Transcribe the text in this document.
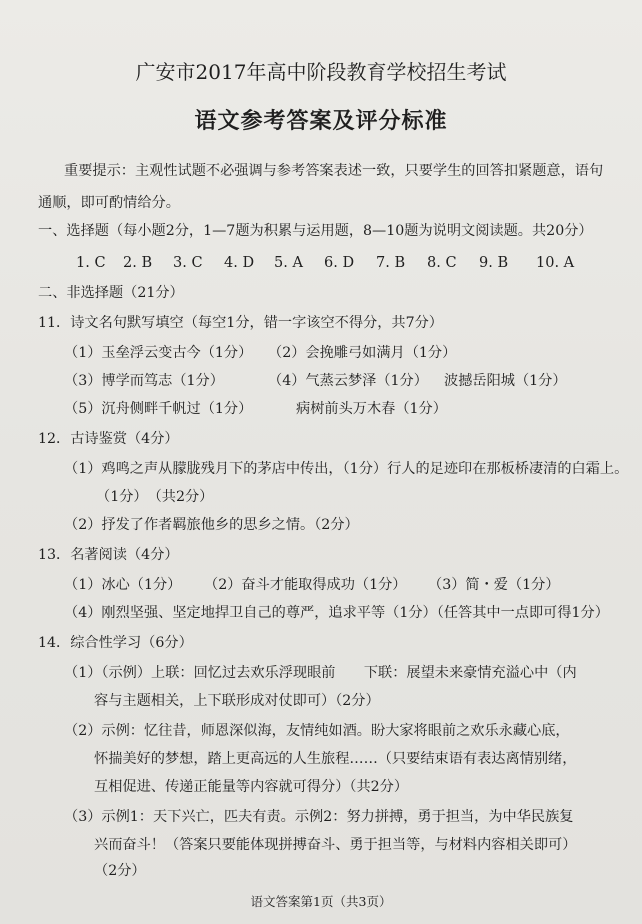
广安市2017年高中阶段教育学校招生考试
语文参考答案及评分标准
重要提示：主观性试题不必强调与参考答案表述一致，只要学生的回答扣紧题意，语句
通顺，即可酌情给分。
一、选择题（每小题2分，1—7题为积累与运用题，8—10题为说明文阅读题。共20分）
1. C 2. B 3. C 4. D 5. A 6. D 7. B 8. C 9. B 10. A
二、非选择题（21分）
11．诗文名句默写填空（每空1分，错一字该空不得分，共7分）
（1）玉垒浮云变古今（1分） （2）会挽雕弓如满月（1分）
（3）博学而笃志（1分）	（4）气蒸云梦泽（1分） 波撼岳阳城（1分）
（5）沉舟侧畔千帆过（1分）	病树前头万木春（1分）
12．古诗鉴赏（4分）
（1）鸡鸣之声从朦胧残月下的茅店中传出，（1分）行人的足迹印在那板桥凄清的白霜上。
（1分）　（共2分）
（2）抒发了作者羁旅他乡的思乡之情。（2分）
13．名著阅读（4分）
（1）冰心（1分） （2）奋斗才能取得成功（1分） （3）简・爱（1分）
（4）刚烈坚强、坚定地捍卫自己的尊严，追求平等（1分）（任答其中一点即可得1分）
14．综合性学习（6分）
（1）（示例）上联：回忆过去欢乐浮现眼前　　下联：展望未来豪情充溢心中（内
容与主题相关，上下联形成对仗即可）（2分）
（2）示例：忆往昔，师恩深似海，友情纯如酒。盼大家将眼前之欢乐永藏心底，
怀揣美好的梦想，踏上更高远的人生旅程……（只要结束语有表达离情别绪，
互相促进、传递正能量等内容就可得分）（共2分）
（3）示例1：天下兴亡，匹夫有责。示例2：努力拼搏，勇于担当，为中华民族复
兴而奋斗！（答案只要能体现拼搏奋斗、勇于担当等，与材料内容相关即可）
（2分）
语文答案第1页（共3页）
